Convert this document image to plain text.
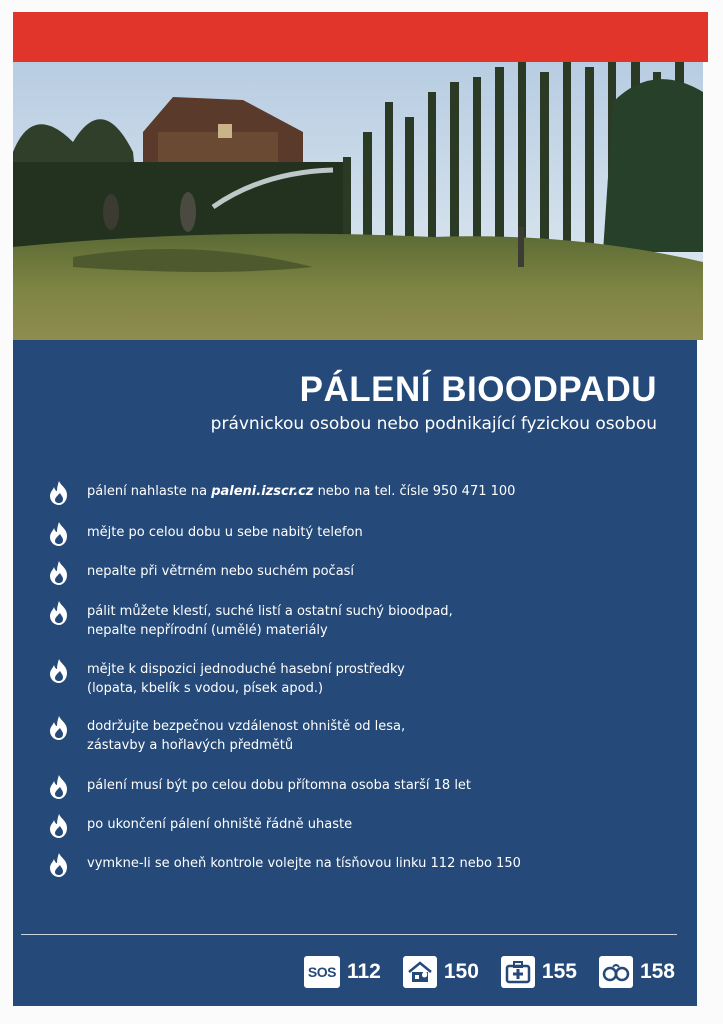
PÁLENÍ BIOODPADU

právnickou osobou nebo podnikající fyzickou osobou

pálení nahlaste na paleni.izscr.cz nebo na tel. čísle 950 471 100
mějte po celou dobu u sebe nabitý telefon
nepalte při větrném nebo suchém počasí
pálit můžete klestí, suché listí a ostatní suchý bioodpad,
nepalte nepřírodní (umělé) materiály
mějte k dispozici jednoduché hasební prostředky
(lopata, kbelík s vodou, písek apod.)
dodržujte bezpečnou vzdálenost ohniště od lesa,
zástavby a hořlavých předmětů
pálení musí být po celou dobu přítomna osoba starší 18 let
po ukončení pálení ohniště řádně uhaste
vymkne-li se oheň kontrole volejte na tísňovou linku 112 nebo 150
SOS 112	150	155	158
